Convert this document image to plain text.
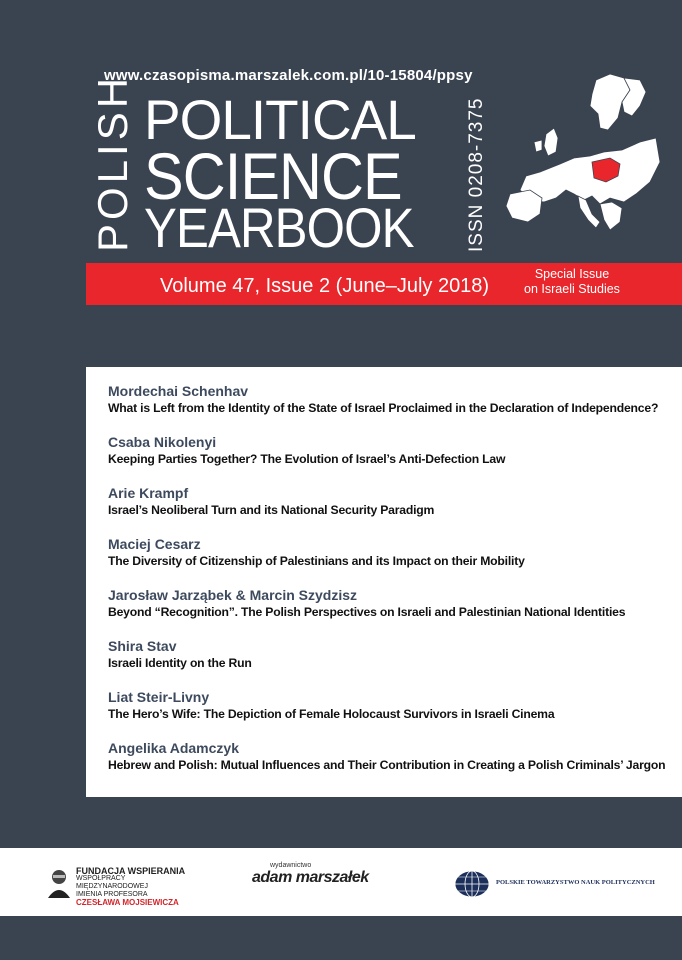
www.czasopisma.marszalek.com.pl/10-15804/ppsy
POLISH POLITICAL
SCIENCE
YEARBOOK	ISSN 0208-7375
Volume 47, Issue 2 (June–July 2018)
Special Issue
on Israeli Studies

Mordechai Schenhav

What is Left from the Identity of the State of Israel Proclaimed in the Declaration of Independence?

Csaba Nikolenyi

Keeping Parties Together? The Evolution of Israel’s Anti-Defection Law

Arie Krampf

Israel’s Neoliberal Turn and its National Security Paradigm

Maciej Cesarz

The Diversity of Citizenship of Palestinians and its Impact on their Mobility

Jarosław Jarząbek & Marcin Szydzisz

Beyond “Recognition”. The Polish Perspectives on Israeli and Palestinian National Identities

Shira Stav

Israeli Identity on the Run

Liat Steir-Livny

The Hero’s Wife: The Depiction of Female Holocaust Survivors in Israeli Cinema

Angelika Adamczyk

Hebrew and Polish: Mutual Influences and Their Contribution in Creating a Polish Criminals’ Jargon

FUNDACJA WSPIERANIA
WSPÓŁPRACY MIĘDZYNARODOWEJ
IMIENIA PROFESORA
CZESŁAWA MOJSIEWICZA
wydawnictwo
adam marszałek	POLSKIE TOWARZYSTWO NAUK POLITYCZNYCH
